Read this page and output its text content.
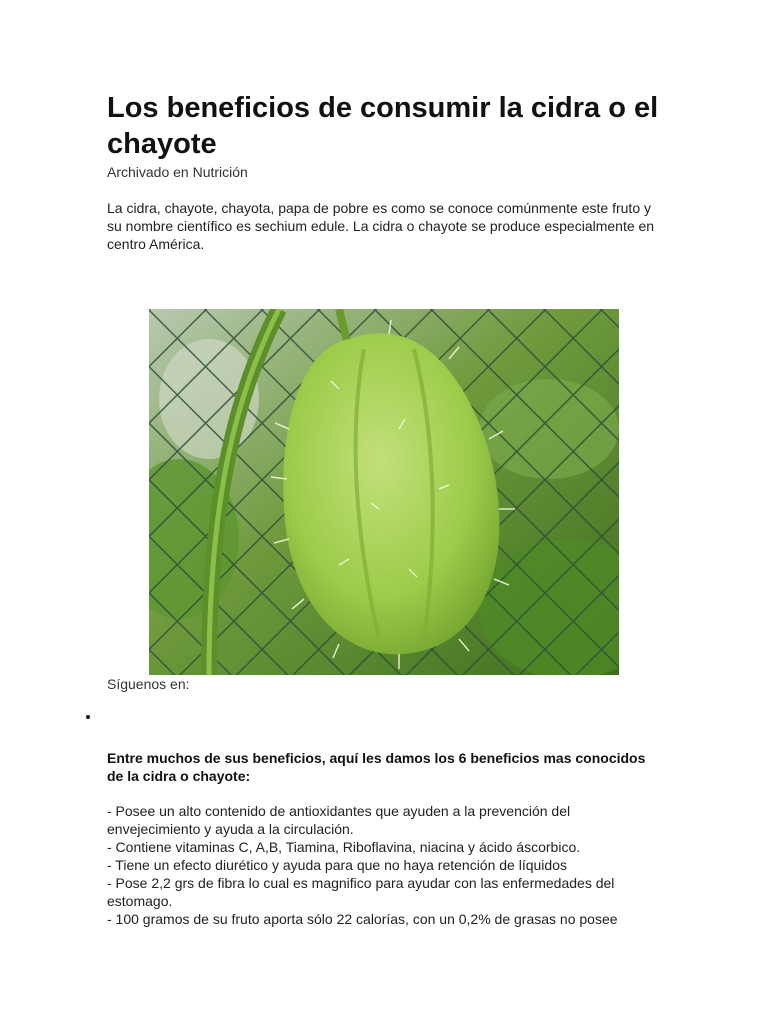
Los beneficios de consumir la cidra o el chayote
Archivado en Nutrición

La cidra, chayote, chayota, papa de pobre es como se conoce comúnmente este fruto y su nombre científico es sechium edule. La cidra o chayote se produce especialmente en centro América.

Síguenos en:

Entre muchos de sus beneficios, aquí les damos los 6 beneficios mas conocidos de la cidra o chayote:

- Posee un alto contenido de antioxidantes que ayuden a la prevención del envejecimiento y ayuda a la circulación.
- Contiene vitaminas C, A,B, Tiamina, Riboflavina, niacina y ácido áscorbico.
- Tiene un efecto diurético y ayuda para que no haya retención de líquidos
- Pose 2,2 grs de fibra lo cual es magnifico para ayudar con las enfermedades del estomago.
- 100 gramos de su fruto aporta sólo 22 calorías, con un 0,2% de grasas no posee
